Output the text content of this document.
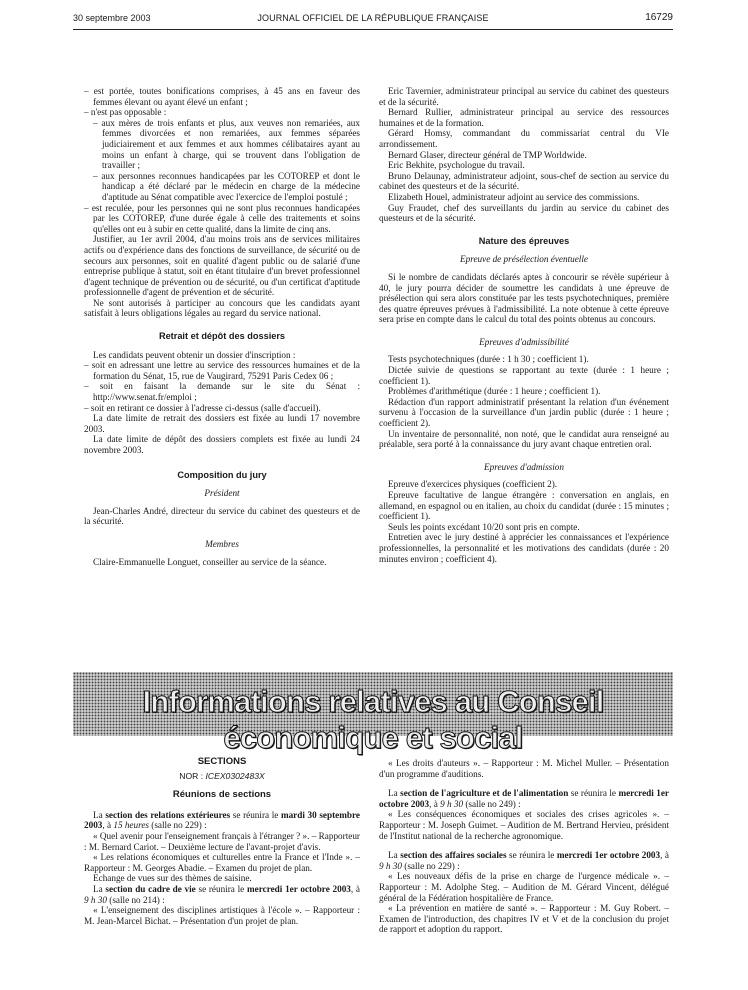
30 septembre 2003	JOURNAL OFFICIEL DE LA RÉPUBLIQUE FRANÇAISE	16729
– est portée, toutes bonifications comprises, à 45 ans en faveur des femmes élevant ou ayant élevé un enfant ;
– n'est pas opposable :
– aux mères de trois enfants et plus, aux veuves non remariées, aux femmes divorcées et non remariées, aux femmes séparées judiciairement et aux femmes et aux hommes célibataires ayant au moins un enfant à charge, qui se trouvent dans l'obligation de travailler ;
– aux personnes reconnues handicapées par les COTOREP et dont le handicap a été déclaré par le médecin en charge de la médecine d'aptitude au Sénat compatible avec l'exercice de l'emploi postulé ;
– est reculée, pour les personnes qui ne sont plus reconnues handicapées par les COTOREP, d'une durée égale à celle des traitements et soins qu'elles ont eu à subir en cette qualité, dans la limite de cinq ans.

Justifier, au 1er avril 2004, d'au moins trois ans de services militaires actifs ou d'expérience dans des fonctions de surveillance, de sécurité ou de secours aux personnes, soit en qualité d'agent public ou de salarié d'une entreprise publique à statut, soit en étant titulaire d'un brevet professionnel d'agent technique de prévention ou de sécurité, ou d'un certificat d'aptitude professionnelle d'agent de prévention et de sécurité.

Ne sont autorisés à participer au concours que les candidats ayant satisfait à leurs obligations légales au regard du service national.

Retrait et dépôt des dossiers

Les candidats peuvent obtenir un dossier d'inscription :

– soit en adressant une lettre au service des ressources humaines et de la formation du Sénat, 15, rue de Vaugirard, 75291 Paris Cedex 06 ;
– soit en faisant la demande sur le site du Sénat : http://www.senat.fr/emploi ;
– soit en retirant ce dossier à l'adresse ci-dessus (salle d'accueil).

La date limite de retrait des dossiers est fixée au lundi 17 novembre 2003.

La date limite de dépôt des dossiers complets est fixée au lundi 24 novembre 2003.

Composition du jury
Président

Jean-Charles André, directeur du service du cabinet des questeurs et de la sécurité.

Membres

Claire-Emmanuelle Longuet, conseiller au service de la séance.

Eric Tavernier, administrateur principal au service du cabinet des questeurs et de la sécurité.

Bernard Rullier, administrateur principal au service des ressources humaines et de la formation.

Gérard Homsy, commandant du commissariat central du VIe arrondissement.

Bernard Glaser, directeur général de TMP Worldwide.

Eric Bekhite, psychologue du travail.

Bruno Delaunay, administrateur adjoint, sous-chef de section au service du cabinet des questeurs et de la sécurité.

Elizabeth Houel, administrateur adjoint au service des commissions.

Guy Fraudet, chef des surveillants du jardin au service du cabinet des questeurs et de la sécurité.

Nature des épreuves
Epreuve de présélection éventuelle

Si le nombre de candidats déclarés aptes à concourir se révèle supérieur à 40, le jury pourra décider de soumettre les candidats à une épreuve de présélection qui sera alors constituée par les tests psychotechniques, première des quatre épreuves prévues à l'admissibilité. La note obtenue à cette épreuve sera prise en compte dans le calcul du total des points obtenus au concours.

Epreuves d'admissibilité

Tests psychotechniques (durée : 1 h 30 ; coefficient 1).

Dictée suivie de questions se rapportant au texte (durée : 1 heure ; coefficient 1).

Problèmes d'arithmétique (durée : 1 heure ; coefficient 1).

Rédaction d'un rapport administratif présentant la relation d'un événement survenu à l'occasion de la surveillance d'un jardin public (durée : 1 heure ; coefficient 2).

Un inventaire de personnalité, non noté, que le candidat aura renseigné au préalable, sera porté à la connaissance du jury avant chaque entretien oral.

Epreuves d'admission

Epreuve d'exercices physiques (coefficient 2).

Epreuve facultative de langue étrangère : conversation en anglais, en allemand, en espagnol ou en italien, au choix du candidat (durée : 15 minutes ; coefficient 1).

Seuls les points excédant 10/20 sont pris en compte.

Entretien avec le jury destiné à apprécier les connaissances et l'expérience professionnelles, la personnalité et les motivations des candidats (durée : 20 minutes environ ; coefficient 4).

Informations relatives au Conseil économique et social
SECTIONS
NOR : ICEX0302483X
Réunions de sections

La section des relations extérieures se réunira le mardi 30 septembre 2003, à 15 heures (salle no 229) :

« Quel avenir pour l'enseignement français à l'étranger ? ». – Rapporteur : M. Bernard Cariot. – Deuxième lecture de l'avant-projet d'avis.

« Les relations économiques et culturelles entre la France et l'Inde ». – Rapporteur : M. Georges Abadie. – Examen du projet de plan.

Echange de vues sur des thèmes de saisine.

La section du cadre de vie se réunira le mercredi 1er octobre 2003, à 9 h 30 (salle no 214) :

« L'enseignement des disciplines artistiques à l'école ». – Rapporteur : M. Jean-Marcel Bichat. – Présentation d'un projet de plan.

« Les droits d'auteurs ». – Rapporteur : M. Michel Muller. – Présentation d'un programme d'auditions.

La section de l'agriculture et de l'alimentation se réunira le mercredi 1er octobre 2003, à 9 h 30 (salle no 249) :

« Les conséquences économiques et sociales des crises agricoles ». – Rapporteur : M. Joseph Guimet. – Audition de M. Bertrand Hervieu, président de l'Institut national de la recherche agronomique.

La section des affaires sociales se réunira le mercredi 1er octobre 2003, à 9 h 30 (salle no 229) :

« Les nouveaux défis de la prise en charge de l'urgence médicale ». – Rapporteur : M. Adolphe Steg. – Audition de M. Gérard Vincent, délégué général de la Fédération hospitalière de France.

« La prévention en matière de santé ». – Rapporteur : M. Guy Robert. – Examen de l'introduction, des chapitres IV et V et de la conclusion du projet de rapport et adoption du rapport.
